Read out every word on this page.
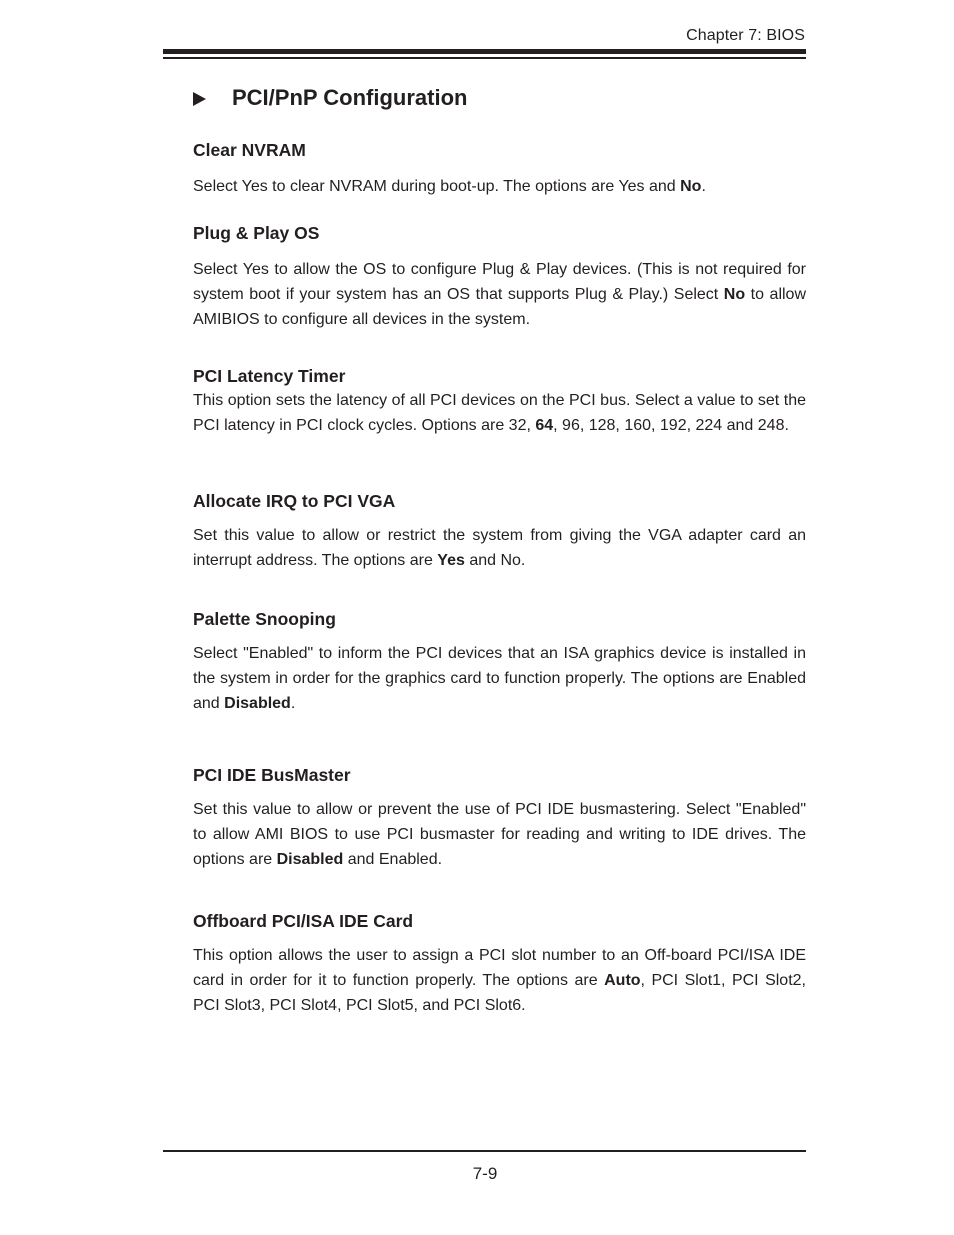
Chapter 7: BIOS
PCI/PnP Configuration
Clear NVRAM

Select Yes to clear NVRAM during boot-up. The options are Yes and No.

Plug & Play OS

Select Yes to allow the OS to configure Plug & Play devices. (This is not required for system boot if your system has an OS that supports Plug & Play.) Select No to allow AMIBIOS to configure all devices in the system.

PCI Latency Timer

This option sets the latency of all PCI devices on the PCI bus. Select a value to set the PCI latency in PCI clock cycles. Options are 32, 64, 96, 128, 160, 192, 224 and 248.

Allocate IRQ to PCI VGA

Set this value to allow or restrict the system from giving the VGA adapter card an interrupt address. The options are Yes and No.

Palette Snooping

Select "Enabled" to inform the PCI devices that an ISA graphics device is installed in the system in order for the graphics card to function properly. The options are Enabled and Disabled.

PCI IDE BusMaster

Set this value to allow or prevent the use of PCI IDE busmastering. Select "Enabled" to allow AMI BIOS to use PCI busmaster for reading and writing to IDE drives. The options are Disabled and Enabled.

Offboard PCI/ISA IDE Card

This option allows the user to assign a PCI slot number to an Off-board PCI/ISA IDE card in order for it to function properly. The options are Auto, PCI Slot1, PCI Slot2, PCI Slot3, PCI Slot4, PCI Slot5, and PCI Slot6.

7-9
